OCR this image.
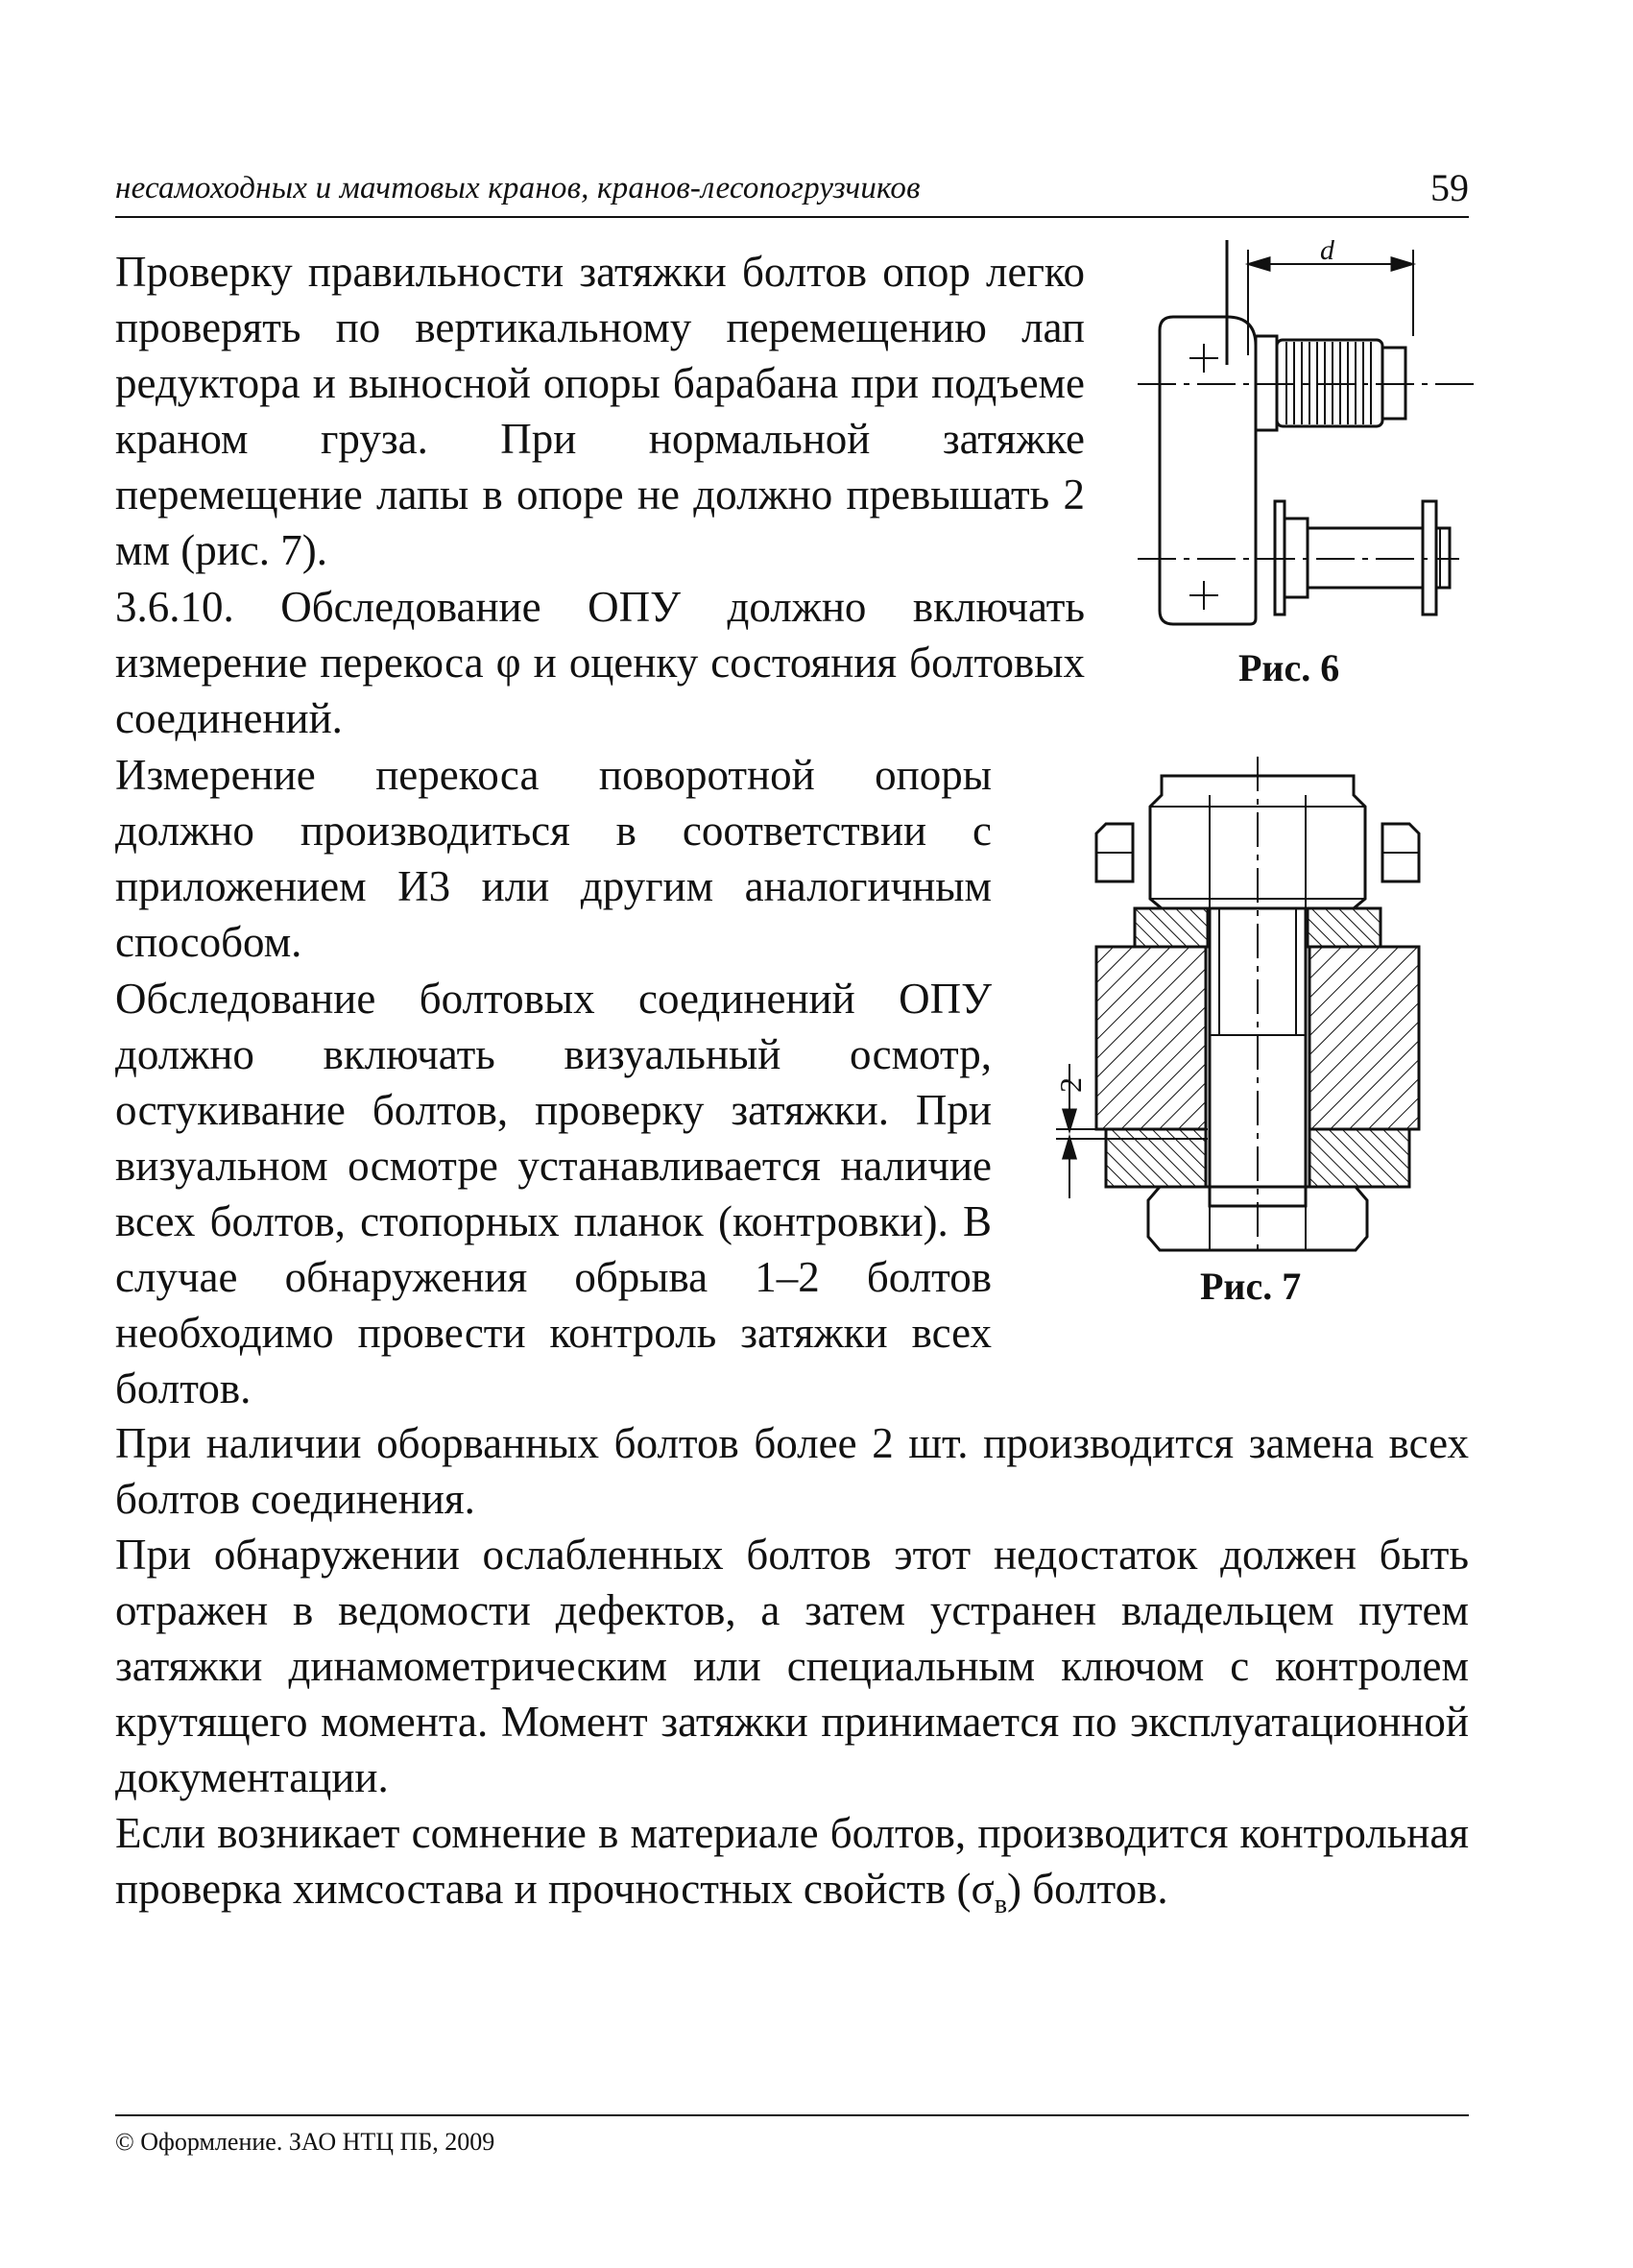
несамоходных и мачтовых кранов, кранов-лесопогрузчиков	59

Проверку правильности затяжки болтов опор легко проверять по вертикальному перемещению лап редуктора и выносной опоры барабана при подъеме краном груза. При нормальной затяжке перемещение лапы в опоре не должно превышать 2 мм (рис. 7).

3.6.10. Обследование ОПУ должно включать измерение перекоса φ и оценку состояния болтовых соединений.

Измерение перекоса поворотной опоры должно производиться в соответствии с приложением И3 или другим аналогичным способом.

Обследование болтовых соединений ОПУ должно включать визуальный осмотр, остукивание болтов, проверку затяжки. При визуальном осмотре устанавливается наличие всех болтов, стопорных планок (контровки). В случае обнаружения обрыва 1–2 болтов необходимо провести контроль затяжки всех болтов.

При наличии оборванных болтов более 2 шт. производится замена всех болтов соединения.

При обнаружении ослабленных болтов этот недостаток должен быть отражен в ведомости дефектов, а затем устранен владельцем путем затяжки динамометрическим или специальным ключом с контролем крутящего момента. Момент затяжки принимается по эксплуатационной документации.

Если возникает сомнение в материале болтов, производится контрольная проверка химсостава и прочностных свойств $(\sigma_в)$ болтов.

d
Рис. 6
2
Рис. 7
© Оформление. ЗАО НТЦ ПБ, 2009
